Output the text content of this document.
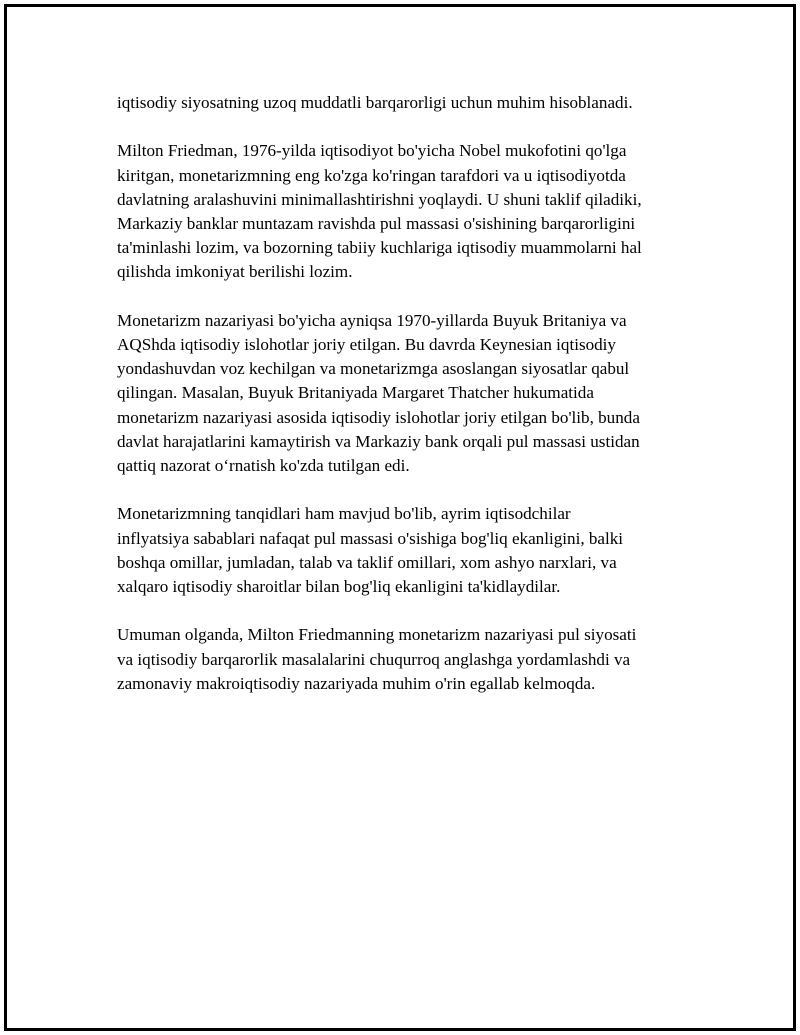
iqtisodiy siyosatning uzoq muddatli barqarorligi uchun muhim hisoblanadi.

Milton Friedman, 1976-yilda iqtisodiyot bo'yicha Nobel mukofotini qo'lga
kiritgan, monetarizmning eng ko'zga ko'ringan tarafdori va u iqtisodiyotda
davlatning aralashuvini minimallashtirishni yoqlaydi. U shuni taklif qiladiki,
Markaziy banklar muntazam ravishda pul massasi o'sishining barqarorligini
ta'minlashi lozim, va bozorning tabiiy kuchlariga iqtisodiy muammolarni hal
qilishda imkoniyat berilishi lozim.

Monetarizm nazariyasi bo'yicha ayniqsa 1970-yillarda Buyuk Britaniya va
AQShda iqtisodiy islohotlar joriy etilgan. Bu davrda Keynesian iqtisodiy
yondashuvdan voz kechilgan va monetarizmga asoslangan siyosatlar qabul
qilingan. Masalan, Buyuk Britaniyada Margaret Thatcher hukumatida
monetarizm nazariyasi asosida iqtisodiy islohotlar joriy etilgan bo'lib, bunda
davlat harajatlarini kamaytirish va Markaziy bank orqali pul massasi ustidan
qattiq nazorat o‘rnatish ko'zda tutilgan edi.

Monetarizmning tanqidlari ham mavjud bo'lib, ayrim iqtisodchilar
inflyatsiya sabablari nafaqat pul massasi o'sishiga bog'liq ekanligini, balki
boshqa omillar, jumladan, talab va taklif omillari, xom ashyo narxlari, va
xalqaro iqtisodiy sharoitlar bilan bog'liq ekanligini ta'kidlaydilar.

Umuman olganda, Milton Friedmanning monetarizm nazariyasi pul siyosati
va iqtisodiy barqarorlik masalalarini chuqurroq anglashga yordamlashdi va
zamonaviy makroiqtisodiy nazariyada muhim o'rin egallab kelmoqda.
